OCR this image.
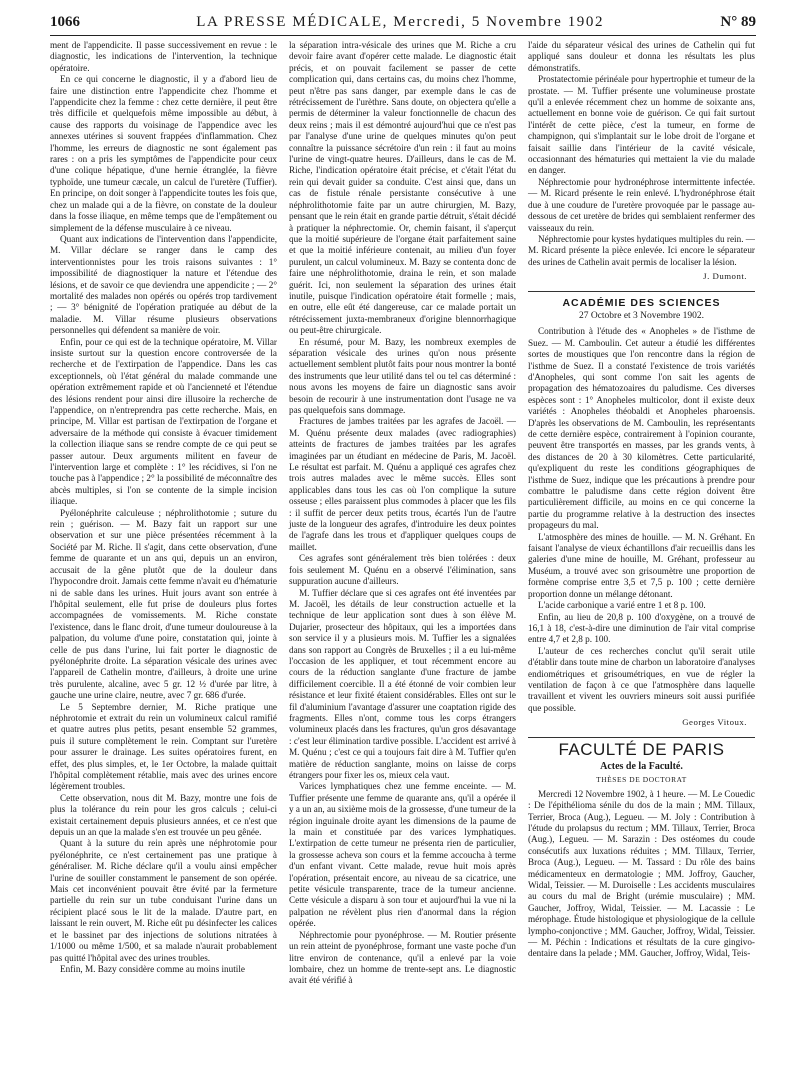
1066	LA PRESSE MÉDICALE, Mercredi, 5 Novembre 1902	N° 89

ment de l'appendicite. Il passe successivement en revue : le diagnostic, les indications de l'intervention, la technique opératoire.

En ce qui concerne le diagnostic, il y a d'abord lieu de faire une distinction entre l'appendicite chez l'homme et l'appendicite chez la femme : chez cette dernière, il peut être très difficile et quelquefois même impossible au début, à cause des rapports du voisinage de l'appendice avec les annexes utérines si souvent frappées d'inflammation. Chez l'homme, les erreurs de diagnostic ne sont également pas rares : on a pris les symptômes de l'appendicite pour ceux d'une colique hépatique, d'une hernie étranglée, la fièvre typhoïde, une tumeur cæcale, un calcul de l'uretère (Tuffier). En principe, on doit songer à l'appendicite toutes les fois que, chez un malade qui a de la fièvre, on constate de la douleur dans la fosse iliaque, en même temps que de l'empâtement ou simplement de la défense musculaire à ce niveau.

Quant aux indications de l'intervention dans l'appendicite, M. Villar déclare se ranger dans le camp des interventionnistes pour les trois raisons suivantes : 1° impossibilité de diagnostiquer la nature et l'étendue des lésions, et de savoir ce que deviendra une appendicite ; — 2° mortalité des malades non opérés ou opérés trop tardivement ; — 3° bénignité de l'opération pratiquée au début de la maladie. M. Villar résume plusieurs observations personnelles qui défendent sa manière de voir.

Enfin, pour ce qui est de la technique opératoire, M. Villar insiste surtout sur la question encore controversée de la recherche et de l'extirpation de l'appendice. Dans les cas exceptionnels, où l'état général du malade commande une opération extrêmement rapide et où l'ancienneté et l'étendue des lésions rendent pour ainsi dire illusoire la recherche de l'appendice, on n'entreprendra pas cette recherche. Mais, en principe, M. Villar est partisan de l'extirpation de l'organe et adversaire de la méthode qui consiste à évacuer timidement la collection iliaque sans se rendre compte de ce qui peut se passer autour. Deux arguments militent en faveur de l'intervention large et complète : 1° les récidives, si l'on ne touche pas à l'appendice ; 2° la possibilité de méconnaître des abcès multiples, si l'on se contente de la simple incision iliaque.

Pyélonéphrite calculeuse ; néphrolithotomie ; suture du rein ; guérison. — M. Bazy fait un rapport sur une observation et sur une pièce présentées récemment à la Société par M. Riche. Il s'agit, dans cette observation, d'une femme de quarante et un ans qui, depuis un an environ, accusait de la gêne plutôt que de la douleur dans l'hypocondre droit. Jamais cette femme n'avait eu d'hématurie ni de sable dans les urines. Huit jours avant son entrée à l'hôpital seulement, elle fut prise de douleurs plus fortes accompagnées de vomissements. M. Riche constate l'existence, dans le flanc droit, d'une tumeur douloureuse à la palpation, du volume d'une poire, constatation qui, jointe à celle de pus dans l'urine, lui fait porter le diagnostic de pyélonéphrite droite. La séparation vésicale des urines avec l'appareil de Cathelin montre, d'ailleurs, à droite une urine très purulente, alcaline, avec 5 gr. 12 ½ d'urée par litre, à gauche une urine claire, neutre, avec 7 gr. 686 d'urée.

Le 5 Septembre dernier, M. Riche pratique une néphrotomie et extrait du rein un volumineux calcul ramifié et quatre autres plus petits, pesant ensemble 52 grammes, puis il suture complètement le rein. Comptant sur l'uretère pour assurer le drainage. Les suites opératoires furent, en effet, des plus simples, et, le 1er Octobre, la malade quittait l'hôpital complètement rétablie, mais avec des urines encore légèrement troubles.

Cette observation, nous dit M. Bazy, montre une fois de plus la tolérance du rein pour les gros calculs ; celui-ci existait certainement depuis plusieurs années, et ce n'est que depuis un an que la malade s'en est trouvée un peu gênée.

Quant à la suture du rein après une néphrotomie pour pyélonéphrite, ce n'est certainement pas une pratique à généraliser. M. Riche déclare qu'il a voulu ainsi empêcher l'urine de souiller constamment le pansement de son opérée. Mais cet inconvénient pouvait être évité par la fermeture partielle du rein sur un tube conduisant l'urine dans un récipient placé sous le lit de la malade. D'autre part, en laissant le rein ouvert, M. Riche eût pu désinfecter les calices et le bassinet par des injections de solutions nitratées à 1/1000 ou même 1/500, et sa malade n'aurait probablement pas quitté l'hôpital avec des urines troubles.

Enfin, M. Bazy considère comme au moins inutile

la séparation intra-vésicale des urines que M. Riche a cru devoir faire avant d'opérer cette malade. Le diagnostic était précis, et on pouvait facilement se passer de cette complication qui, dans certains cas, du moins chez l'homme, peut n'être pas sans danger, par exemple dans le cas de rétrécissement de l'urèthre. Sans doute, on objectera qu'elle a permis de déterminer la valeur fonctionnelle de chacun des deux reins ; mais il est démontré aujourd'hui que ce n'est pas par l'analyse d'une urine de quelques minutes qu'on peut connaître la puissance sécrétoire d'un rein : il faut au moins l'urine de vingt-quatre heures. D'ailleurs, dans le cas de M. Riche, l'indication opératoire était précise, et c'était l'état du rein qui devait guider sa conduite. C'est ainsi que, dans un cas de fistule rénale persistante consécutive à une néphrolithotomie faite par un autre chirurgien, M. Bazy, pensant que le rein était en grande partie détruit, s'était décidé à pratiquer la néphrectomie. Or, chemin faisant, il s'aperçut que la moitié supérieure de l'organe était parfaitement saine et que la moitié inférieure contenait, au milieu d'un foyer purulent, un calcul volumineux. M. Bazy se contenta donc de faire une néphrolithotomie, draina le rein, et son malade guérit. Ici, non seulement la séparation des urines était inutile, puisque l'indication opératoire était formelle ; mais, en outre, elle eût été dangereuse, car ce malade portait un rétrécissement juxta-membraneux d'origine blennorrhagique ou peut-être chirurgicale.

En résumé, pour M. Bazy, les nombreux exemples de séparation vésicale des urines qu'on nous présente actuellement semblent plutôt faits pour nous montrer la bonté des instruments que leur utilité dans tel ou tel cas déterminé : nous avons les moyens de faire un diagnostic sans avoir besoin de recourir à une instrumentation dont l'usage ne va pas quelquefois sans dommage.

Fractures de jambes traitées par les agrafes de Jacoël. — M. Quénu présente deux malades (avec radiographies) atteints de fractures de jambes traitées par les agrafes imaginées par un étudiant en médecine de Paris, M. Jacoël. Le résultat est parfait. M. Quénu a appliqué ces agrafes chez trois autres malades avec le même succès. Elles sont applicables dans tous les cas où l'on complique la suture osseuse ; elles paraissent plus commodes à placer que les fils : il suffit de percer deux petits trous, écartés l'un de l'autre juste de la longueur des agrafes, d'introduire les deux pointes de l'agrafe dans les trous et d'appliquer quelques coups de maillet.

Ces agrafes sont généralement très bien tolérées : deux fois seulement M. Quénu en a observé l'élimination, sans suppuration aucune d'ailleurs.

M. Tuffier déclare que si ces agrafes ont été inventées par M. Jacoël, les détails de leur construction actuelle et la technique de leur application sont dues à son élève M. Dujarier, prosecteur des hôpitaux, qui les a importées dans son service il y a plusieurs mois. M. Tuffier les a signalées dans son rapport au Congrès de Bruxelles ; il a eu lui-même l'occasion de les appliquer, et tout récemment encore au cours de la réduction sanglante d'une fracture de jambe difficilement coercible. Il a été étonné de voir combien leur résistance et leur fixité étaient considérables. Elles ont sur le fil d'aluminium l'avantage d'assurer une coaptation rigide des fragments. Elles n'ont, comme tous les corps étrangers volumineux placés dans les fractures, qu'un gros désavantage : c'est leur élimination tardive possible. L'accident est arrivé à M. Quénu ; c'est ce qui a toujours fait dire à M. Tuffier qu'en matière de réduction sanglante, moins on laisse de corps étrangers pour fixer les os, mieux cela vaut.

Varices lymphatiques chez une femme enceinte. — M. Tuffier présente une femme de quarante ans, qu'il a opérée il y a un an, au sixième mois de la grossesse, d'une tumeur de la région inguinale droite ayant les dimensions de la paume de la main et constituée par des varices lymphatiques. L'extirpation de cette tumeur ne présenta rien de particulier, la grossesse acheva son cours et la femme accoucha à terme d'un enfant vivant. Cette malade, revue huit mois après l'opération, présentait encore, au niveau de sa cicatrice, une petite vésicule transparente, trace de la tumeur ancienne. Cette vésicule a disparu à son tour et aujourd'hui la vue ni la palpation ne révèlent plus rien d'anormal dans la région opérée.

Néphrectomie pour pyonéphrose. — M. Routier présente un rein atteint de pyonéphrose, formant une vaste poche d'un litre environ de contenance, qu'il a enlevé par la voie lombaire, chez un homme de trente-sept ans. Le diagnostic avait été vérifié à

l'aide du séparateur vésical des urines de Cathelin qui fut appliqué sans douleur et donna les résultats les plus démonstratifs.

Prostatectomie périnéale pour hypertrophie et tumeur de la prostate. — M. Tuffier présente une volumineuse prostate qu'il a enlevée récemment chez un homme de soixante ans, actuellement en bonne voie de guérison. Ce qui fait surtout l'intérêt de cette pièce, c'est la tumeur, en forme de champignon, qui s'implantait sur le lobe droit de l'organe et faisait saillie dans l'intérieur de la cavité vésicale, occasionnant des hématuries qui mettaient la vie du malade en danger.

Néphrectomie pour hydronéphrose intermittente infectée. — M. Ricard présente le rein enlevé. L'hydronéphrose était due à une coudure de l'uretère provoquée par le passage au-dessous de cet uretère de brides qui semblaient renfermer des vaisseaux du rein.

Néphrectomie pour kystes hydatiques multiples du rein. — M. Ricard présente la pièce enlevée. Ici encore le séparateur des urines de Cathelin avait permis de localiser la lésion.

J. Dumont.
ACADÉMIE DES SCIENCES
27 Octobre et 3 Novembre 1902.

Contribution à l'étude des « Anopheles » de l'isthme de Suez. — M. Camboulin. Cet auteur a étudié les différentes sortes de moustiques que l'on rencontre dans la région de l'isthme de Suez. Il a constaté l'existence de trois variétés d'Anopheles, qui sont comme l'on sait les agents de propagation des hématozoaires du paludisme. Ces diverses espèces sont : 1° Anopheles multicolor, dont il existe deux variétés : Anopheles théobaldi et Anopheles pharoensis. D'après les observations de M. Camboulin, les représentants de cette dernière espèce, contrairement à l'opinion courante, peuvent être transportés en masses, par les grands vents, à des distances de 20 à 30 kilomètres. Cette particularité, qu'expliquent du reste les conditions géographiques de l'isthme de Suez, indique que les précautions à prendre pour combattre le paludisme dans cette région doivent être particulièrement difficile, au moins en ce qui concerne la partie du programme relative à la destruction des insectes propageurs du mal.

L'atmosphère des mines de houille. — M. N. Gréhant. En faisant l'analyse de vieux échantillons d'air recueillis dans les galeries d'une mine de houille, M. Gréhant, professeur au Muséum, a trouvé avec son grisoumètre une proportion de formène comprise entre 3,5 et 7,5 p. 100 ; cette dernière proportion donne un mélange détonant.

L'acide carbonique a varié entre 1 et 8 p. 100.

Enfin, au lieu de 20,8 p. 100 d'oxygène, on a trouvé de 16,1 à 18, c'est-à-dire une diminution de l'air vital comprise entre 4,7 et 2,8 p. 100.

L'auteur de ces recherches conclut qu'il serait utile d'établir dans toute mine de charbon un laboratoire d'analyses endiométriques et grisoumétriques, en vue de régler la ventilation de façon à ce que l'atmosphère dans laquelle travaillent et vivent les ouvriers mineurs soit aussi purifiée que possible.

Georges Vitoux.
FACULTÉ DE PARIS
Actes de la Faculté.
THÈSES DE DOCTORAT

Mercredi 12 Novembre 1902, à 1 heure. — M. Le Couedic : De l'épithélioma sénile du dos de la main ; MM. Tillaux, Terrier, Broca (Aug.), Legueu. — M. Joly : Contribution à l'étude du prolapsus du rectum ; MM. Tillaux, Terrier, Broca (Aug.), Legueu. — M. Sarazin : Des ostéomes du coude consécutifs aux luxations réduites ; MM. Tillaux, Terrier, Broca (Aug.), Legueu. — M. Tassard : Du rôle des bains médicamenteux en dermatologie ; MM. Joffroy, Gaucher, Widal, Teissier. — M. Duroiselle : Les accidents musculaires au cours du mal de Bright (urémie musculaire) ; MM. Gaucher, Joffroy, Widal, Teissier. — M. Lacassie : Le mérophage. Étude histologique et physiologique de la cellule lympho-conjonctive ; MM. Gaucher, Joffroy, Widal, Teissier. — M. Péchin : Indications et résultats de la cure gingivo-dentaire dans la pelade ; MM. Gaucher, Joffroy, Widal, Teis-
